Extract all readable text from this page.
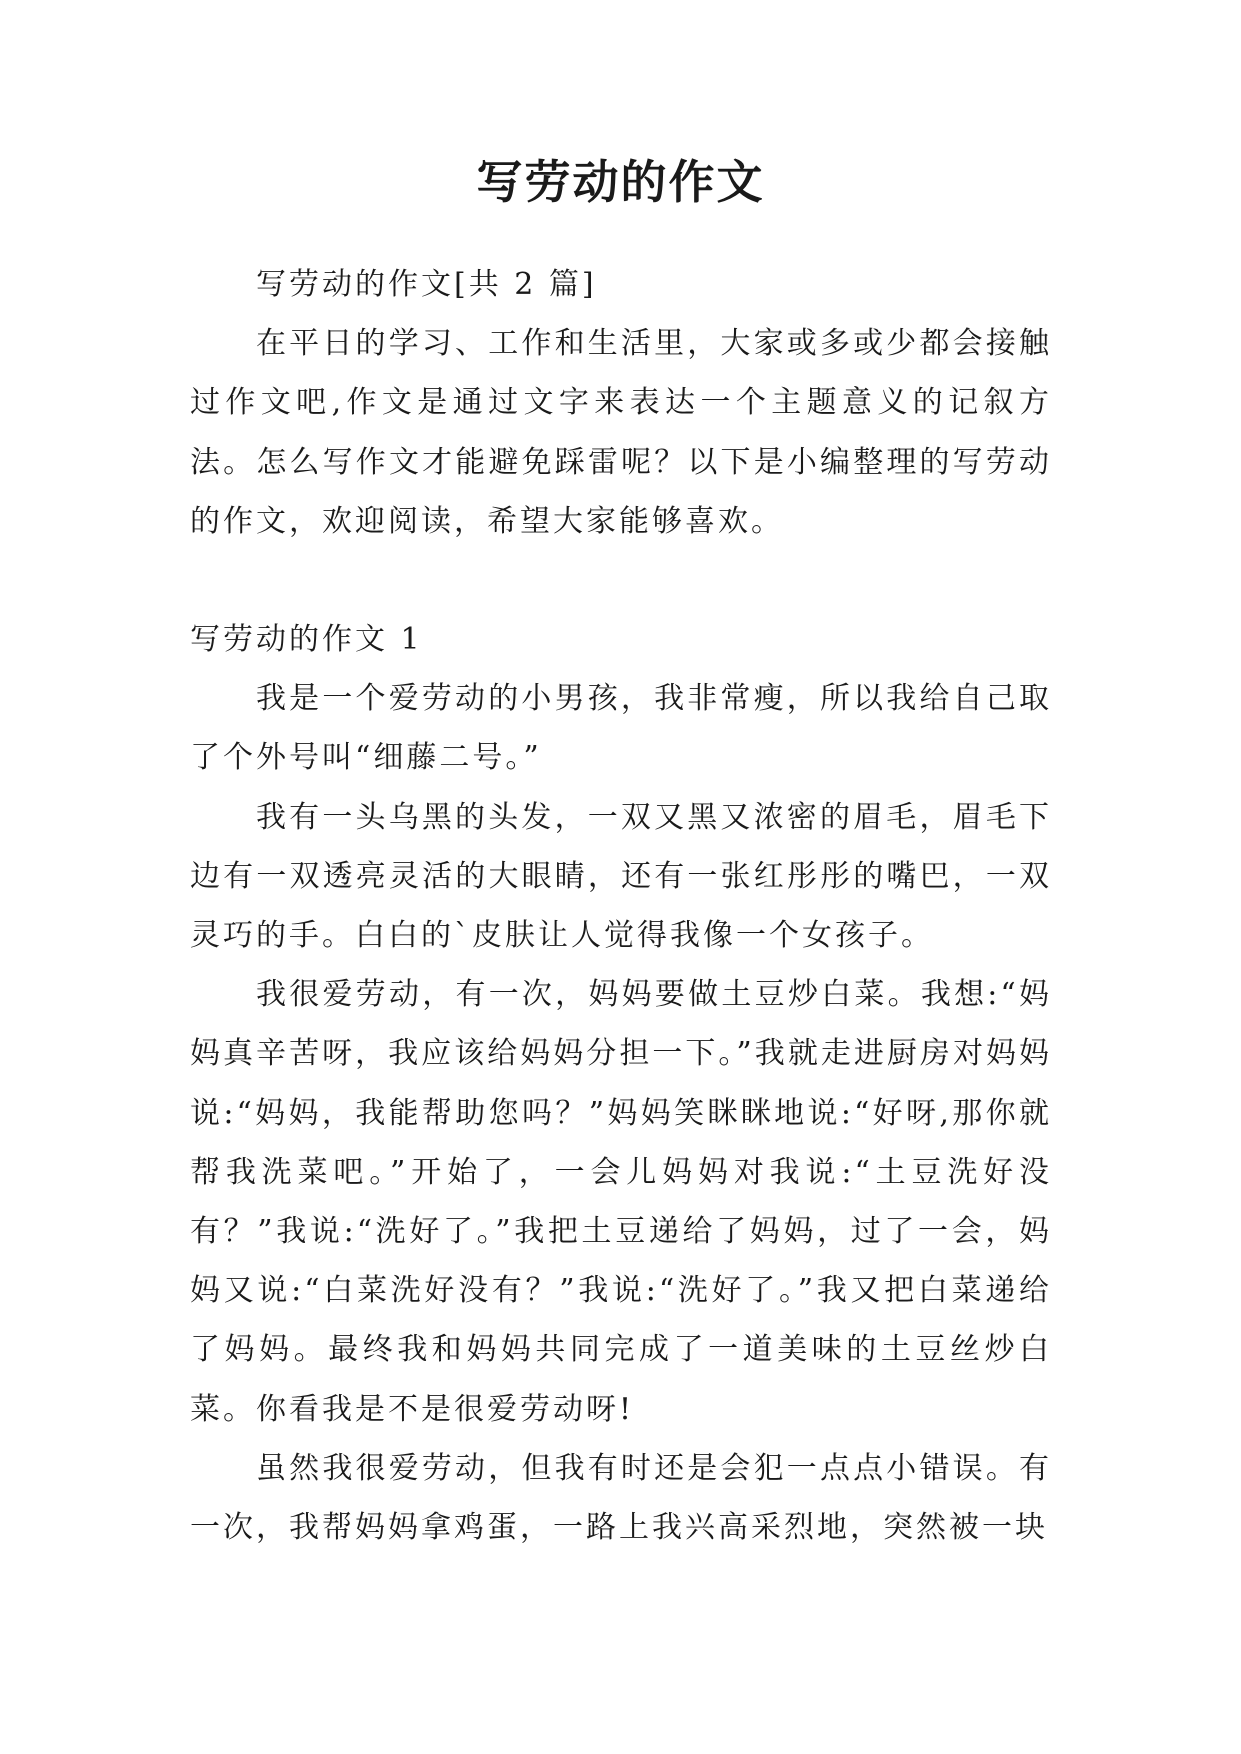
写劳动的作文

写劳动的作文[共 2 篇]

在平日的学习、工作和生活里，大家或多或少都会接触过作文吧,作文是通过文字来表达一个主题意义的记叙方法。怎么写作文才能避免踩雷呢？以下是小编整理的写劳动的作文，欢迎阅读，希望大家能够喜欢。

写劳动的作文 1

我是一个爱劳动的小男孩，我非常瘦，所以我给自己取了个外号叫“细藤二号。”

我有一头乌黑的头发，一双又黑又浓密的眉毛，眉毛下边有一双透亮灵活的大眼睛，还有一张红彤彤的嘴巴，一双灵巧的手。白白的`皮肤让人觉得我像一个女孩子。

我很爱劳动，有一次，妈妈要做土豆炒白菜。我想:“妈妈真辛苦呀，我应该给妈妈分担一下。”我就走进厨房对妈妈说:“妈妈，我能帮助您吗？”妈妈笑眯眯地说:“好呀,那你就帮我洗菜吧。”开始了，一会儿妈妈对我说:“土豆洗好没有？”我说:“洗好了。”我把土豆递给了妈妈，过了一会，妈妈又说:“白菜洗好没有？”我说:“洗好了。”我又把白菜递给了妈妈。最终我和妈妈共同完成了一道美味的土豆丝炒白菜。你看我是不是很爱劳动呀!

虽然我很爱劳动，但我有时还是会犯一点点小错误。有一次，我帮妈妈拿鸡蛋，一路上我兴高采烈地，突然被一块
